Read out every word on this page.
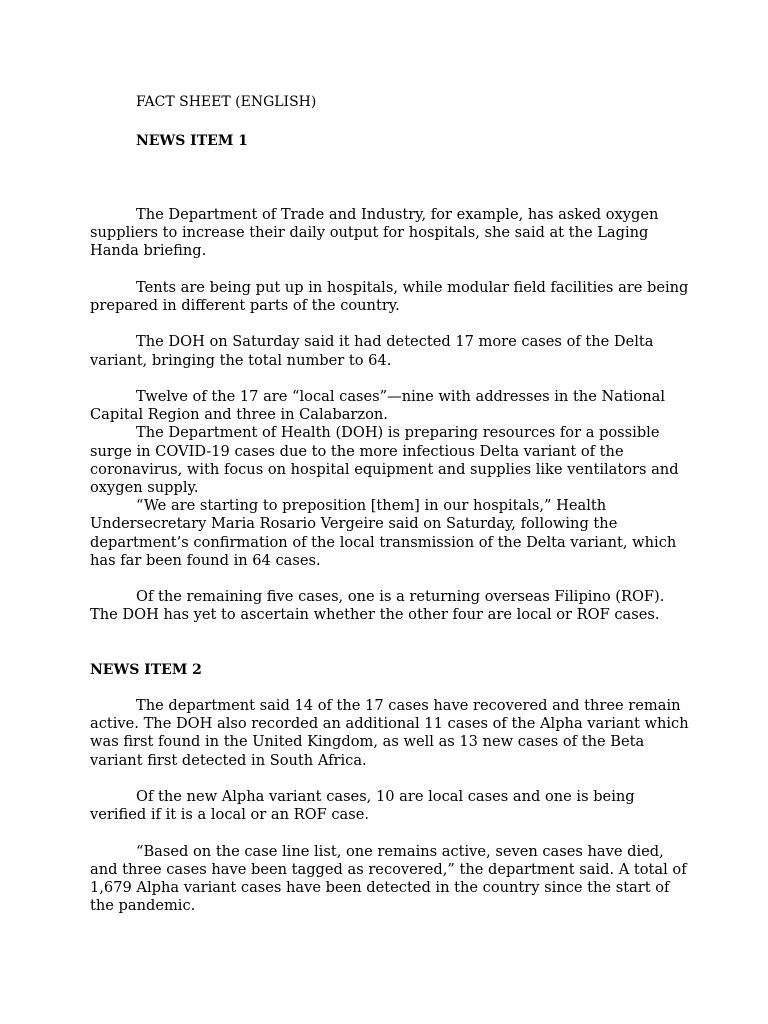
FACT SHEET (ENGLISH)
NEWS ITEM 1

The Department of Trade and Industry, for example, has asked oxygen suppliers to increase their daily output for hospitals, she said at the Laging Handa briefing.

Tents are being put up in hospitals, while modular field facilities are being prepared in different parts of the country.

The DOH on Saturday said it had detected 17 more cases of the Delta variant, bringing the total number to 64.

Twelve of the 17 are “local cases”—nine with addresses in the National Capital Region and three in Calabarzon.

The Department of Health (DOH) is preparing resources for a possible surge in COVID-19 cases due to the more infectious Delta variant of the coronavirus, with focus on hospital equipment and supplies like ventilators and oxygen supply.

“We are starting to preposition [them] in our hospitals,” Health Undersecretary Maria Rosario Vergeire said on Saturday, following the department’s confirmation of the local transmission of the Delta variant, which has far been found in 64 cases.

Of the remaining five cases, one is a returning overseas Filipino (ROF). The DOH has yet to ascertain whether the other four are local or ROF cases.

NEWS ITEM 2

The department said 14 of the 17 cases have recovered and three remain active. The DOH also recorded an additional 11 cases of the Alpha variant which was first found in the United Kingdom, as well as 13 new cases of the Beta variant first detected in South Africa.

Of the new Alpha variant cases, 10 are local cases and one is being verified if it is a local or an ROF case.

“Based on the case line list, one remains active, seven cases have died, and three cases have been tagged as recovered,” the department said. A total of 1,679 Alpha variant cases have been detected in the country since the start of the pandemic.
